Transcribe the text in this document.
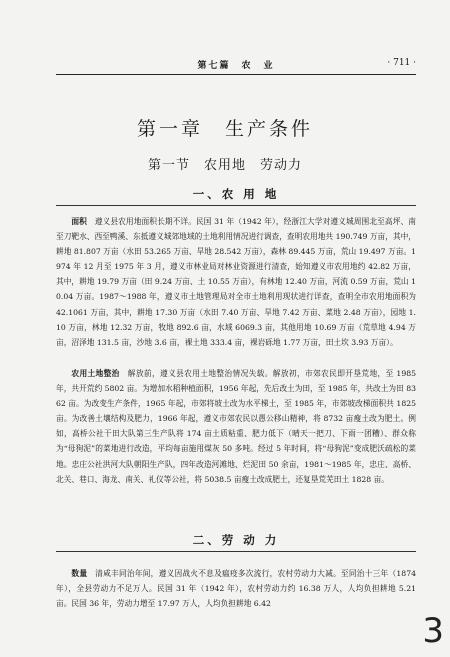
第七篇　农　业	· 711 ·
第一章　生产条件
第一节　农用地　劳动力
一、农 用 地
面积　遵义县农用地面积长期不详。民国 31 年（1942 年），经浙江大学对遵义城周围北至高坪、南至刀靶水、西至鸭溪、东抵遵义城郊地域的土地利用情况进行调查，查明农用地共 190.749 万亩，其中，耕地 81.807 万亩（水田 53.265 万亩、旱地 28.542 万亩），森林 89.445 万亩，荒山 19.497 万亩。1974 年 12 月至 1975 年 3 月，遵义市林业局对林业资源进行清查，始知遵义市农用地约 42.82 万亩，其中，耕地 19.79 万亩（田 9.24 万亩、土 10.55 万亩），有林地 12.40 万亩，河流 0.59 万亩，荒山 10.04 万亩。1987～1988 年，遵义市土地管理局对全市土地利用现状进行详查，查明全市农用地面积为 42.1061 万亩，其中，耕地 17.30 万亩（水田 7.40 万亩、旱地 7.42 万亩、菜地 2.48 万亩），园地 1.10 万亩，林地 12.32 万亩，牧地 892.6 亩，水域 6069.3 亩，其他用地 10.69 万亩（荒草地 4.94 万亩，沼泽地 131.5 亩，沙地 3.6 亩，裸土地 333.4 亩，裸岩砾地 1.77 万亩，田土坎 3.93 万亩）。
农用土地整治　解放前，遵义县农用土地整治情况失载。解放初，市郊农民即开垦荒地，至 1985 年，共开荒约 5802 亩。为增加水稻种植面积，1956 年起，先后改土为田，至 1985 年，共改土为田 8362 亩。为改变生产条件，1965 年起，市郊将坡土改为水平梯土，至 1985 年，市郊坡改梯面积共 1825 亩。为改善土壤结构及肥力，1966 年起，遵义市郊农民以愚公移山精神，将 8732 亩瘦土改为肥土。例如，高桥公社干田大队第三生产队将 174 亩土质粘重、肥力低下（晴天一把刀、下雨一团糟）、群众称为“母狗泥”的菜地进行改造，平均每亩施用煤灰 50 多吨。经过 5 年时间，将“母狗泥”变成肥沃疏松的菜地。忠庄公社洪河大队朝阳生产队，四年改造河滩地、烂泥田 50 余亩，1981～1985 年，忠庄、高桥、北关、巷口、海龙、南关、礼仪等公社，将 5038.5 亩瘦土改成肥土，还复垦荒芜田土 1828 亩。
二、劳 动 力
数量　清咸丰同治年间，遵义因战火不息及瘟疫多次流行，农村劳动力大减。至同治十三年（1874 年），全县劳动力不足万人。民国 31 年（1942 年），农村劳动力约 16.38 万人，人均负担耕地 5.21 亩。民国 36 年，劳动力增至 17.97 万人，人均负担耕地 6.42
3
